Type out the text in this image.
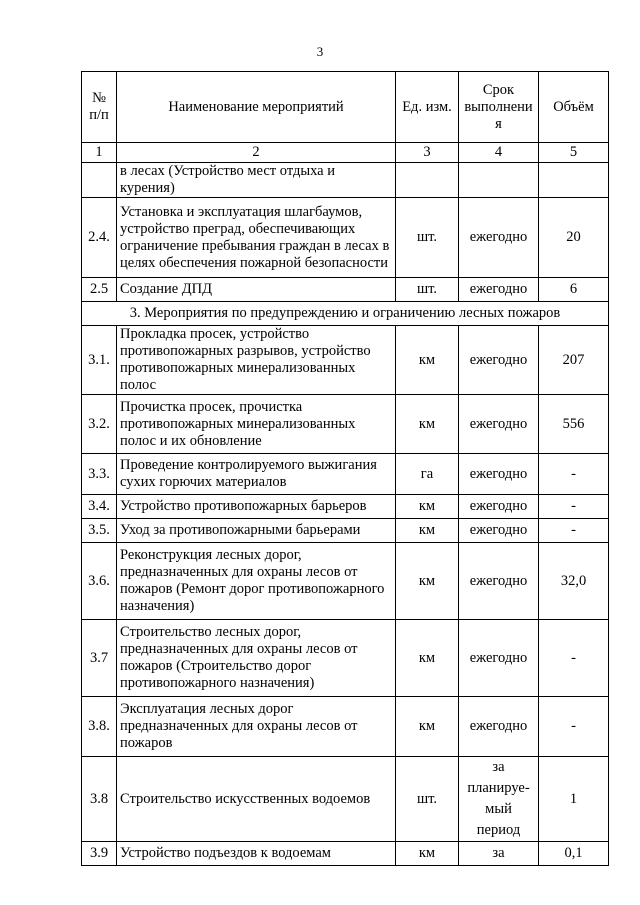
3
№ п/п	Наименование мероприятий	Ед. изм.	Срок выполнени я	Объём
1	2	3	4	5
	в лесах (Устройство мест отдыха и курения)			
2.4.	Установка и эксплуатация шлагбаумов, устройство преград, обеспечивающих ограничение пребывания граждан в лесах в целях обеспечения пожарной безопасности	шт.	ежегодно	20
2.5	Создание ДПД	шт.	ежегодно	6
3. Мероприятия по предупреждению и ограничению лесных пожаров				
3.1.	Прокладка просек, устройство противопожарных разрывов, устройство противопожарных минерализованных полос	км	ежегодно	207
3.2.	Прочистка просек, прочистка противопожарных минерализованных полос и их обновление	км	ежегодно	556
3.3.	Проведение контролируемого выжигания сухих горючих материалов	га	ежегодно	-
3.4.	Устройство противопожарных барьеров	км	ежегодно	-
3.5.	Уход за противопожарными барьерами	км	ежегодно	-
3.6.	Реконструкция лесных дорог, предназначенных для охраны лесов от пожаров (Ремонт дорог противопожарного назначения)	км	ежегодно	32,0
3.7	Строительство лесных дорог, предназначенных для охраны лесов от пожаров (Строительство дорог противопожарного назначения)	км	ежегодно	-
3.8.	Эксплуатация лесных дорог предназначенных для охраны лесов от пожаров	км	ежегодно	-
3.8	Строительство искусственных водоемов	шт.	за планируе-мый период	1
3.9	Устройство подъездов к водоемам	км	за	0,1
